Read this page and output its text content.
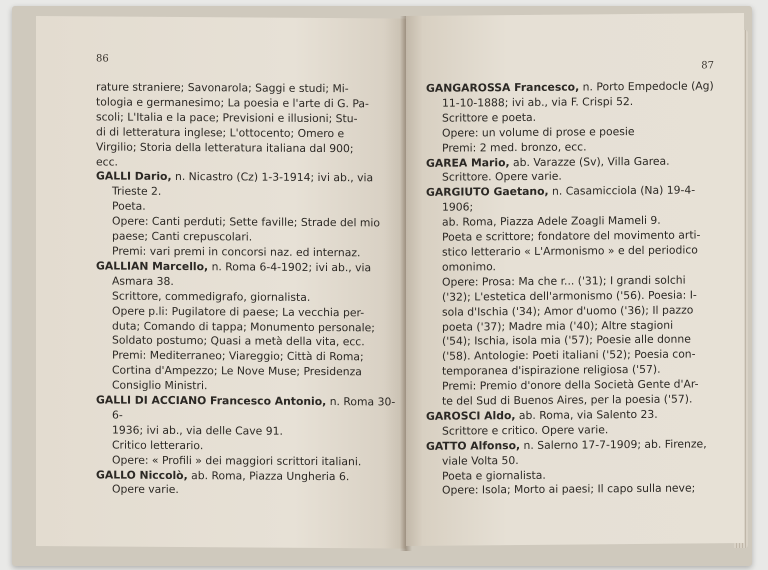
86
rature straniere; Savonarola; Saggi e studi; Mi-
tologia e germanesimo; La poesia e l'arte di G. Pa-
scoli; L'Italia e la pace; Previsioni e illusioni; Stu-
di di letteratura inglese; L'ottocento; Omero e
Virgilio; Storia della letteratura italiana dal 900;
ecc.
GALLI Dario, n. Nicastro (Cz) 1-3-1914; ivi ab., via
Trieste 2.
Poeta.
Opere: Canti perduti; Sette faville; Strade del mio
paese; Canti crepuscolari.
Premi: vari premi in concorsi naz. ed internaz.
GALLIAN Marcello, n. Roma 6-4-1902; ivi ab., via
Asmara 38.
Scrittore, commedigrafo, giornalista.
Opere p.li: Pugilatore di paese; La vecchia per-
duta; Comando di tappa; Monumento personale;
Soldato postumo; Quasi a metà della vita, ecc.
Premi: Mediterraneo; Viareggio; Città di Roma;
Cortina d'Ampezzo; Le Nove Muse; Presidenza
Consiglio Ministri.
GALLI DI ACCIANO Francesco Antonio, n. Roma 30-6-
1936; ivi ab., via delle Cave 91.
Critico letterario.
Opere: « Profili » dei maggiori scrittori italiani.
GALLO Niccolò, ab. Roma, Piazza Ungheria 6.
Opere varie.
87
GANGAROSSA Francesco, n. Porto Empedocle (Ag)
11-10-1888; ivi ab., via F. Crispi 52.
Scrittore e poeta.
Opere: un volume di prose e poesie
Premi: 2 med. bronzo, ecc.
GAREA Mario, ab. Varazze (Sv), Villa Garea.
Scrittore. Opere varie.
GARGIUTO Gaetano, n. Casamicciola (Na) 19-4-1906;
ab. Roma, Piazza Adele Zoagli Mameli 9.
Poeta e scrittore; fondatore del movimento arti-
stico letterario « L'Armonismo » e del periodico
omonimo.
Opere: Prosa: Ma che r... ('31); I grandi solchi
('32); L'estetica dell'armonismo ('56). Poesia: I-
sola d'Ischia ('34); Amor d'uomo ('36); Il pazzo
poeta ('37); Madre mia ('40); Altre stagioni
('54); Ischia, isola mia ('57); Poesie alle donne
('58). Antologie: Poeti italiani ('52); Poesia con-
temporanea d'ispirazione religiosa ('57).
Premi: Premio d'onore della Società Gente d'Ar-
te del Sud di Buenos Aires, per la poesia ('57).
GAROSCI Aldo, ab. Roma, via Salento 23.
Scrittore e critico. Opere varie.
GATTO Alfonso, n. Salerno 17-7-1909; ab. Firenze,
viale Volta 50.
Poeta e giornalista.
Opere: Isola; Morto ai paesi; Il capo sulla neve;
